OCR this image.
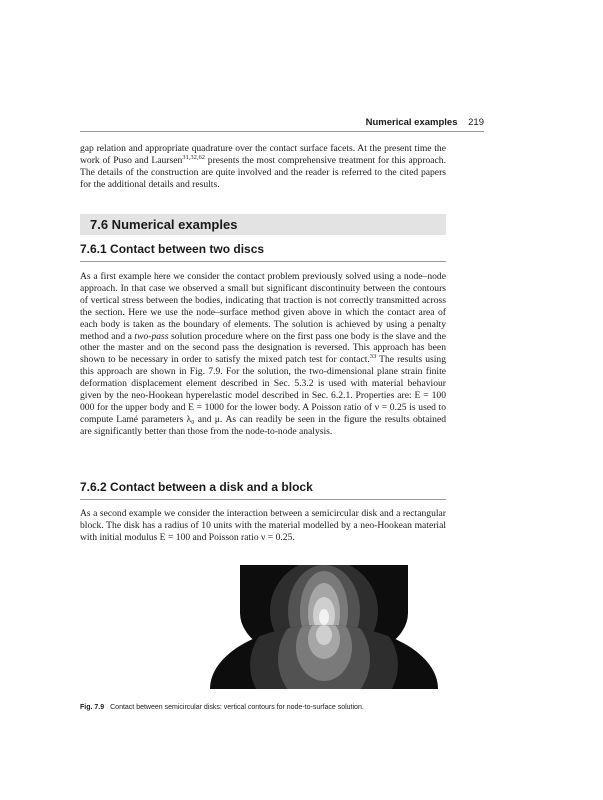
Numerical examples 219

gap relation and appropriate quadrature over the contact surface facets. At the present time the work of Puso and Laursen$^{31,32,62}$ presents the most comprehensive treatment for this approach. The details of the construction are quite involved and the reader is referred to the cited papers for the additional details and results.

7.6 Numerical examples
7.6.1 Contact between two discs

As a first example here we consider the contact problem previously solved using a node–node approach. In that case we observed a small but significant discontinuity between the contours of vertical stress between the bodies, indicating that traction is not correctly transmitted across the section. Here we use the node–surface method given above in which the contact area of each body is taken as the boundary of elements. The solution is achieved by using a penalty method and a two-pass solution procedure where on the first pass one body is the slave and the other the master and on the second pass the designation is reversed. This approach has been shown to be necessary in order to satisfy the mixed patch test for contact.$^{33}$ The results using this approach are shown in Fig. 7.9. For the solution, the two-dimensional plane strain finite deformation displacement element described in Sec. 5.3.2 is used with material behaviour given by the neo-Hookean hyperelastic model described in Sec. 6.2.1. Properties are: E = 100 000 for the upper body and E = 1000 for the lower body. A Poisson ratio of ν = 0.25 is used to compute Lamé parameters λ₀ and μ. As can readily be seen in the figure the results obtained are significantly better than those from the node-to-node analysis.

7.6.2 Contact between a disk and a block

As a second example we consider the interaction between a semicircular disk and a rectangular block. The disk has a radius of 10 units with the material modelled by a neo-Hookean material with initial modulus E = 100 and Poisson ratio ν = 0.25.

Fig. 7.9 Contact between semicircular disks: vertical contours for node-to-surface solution.
